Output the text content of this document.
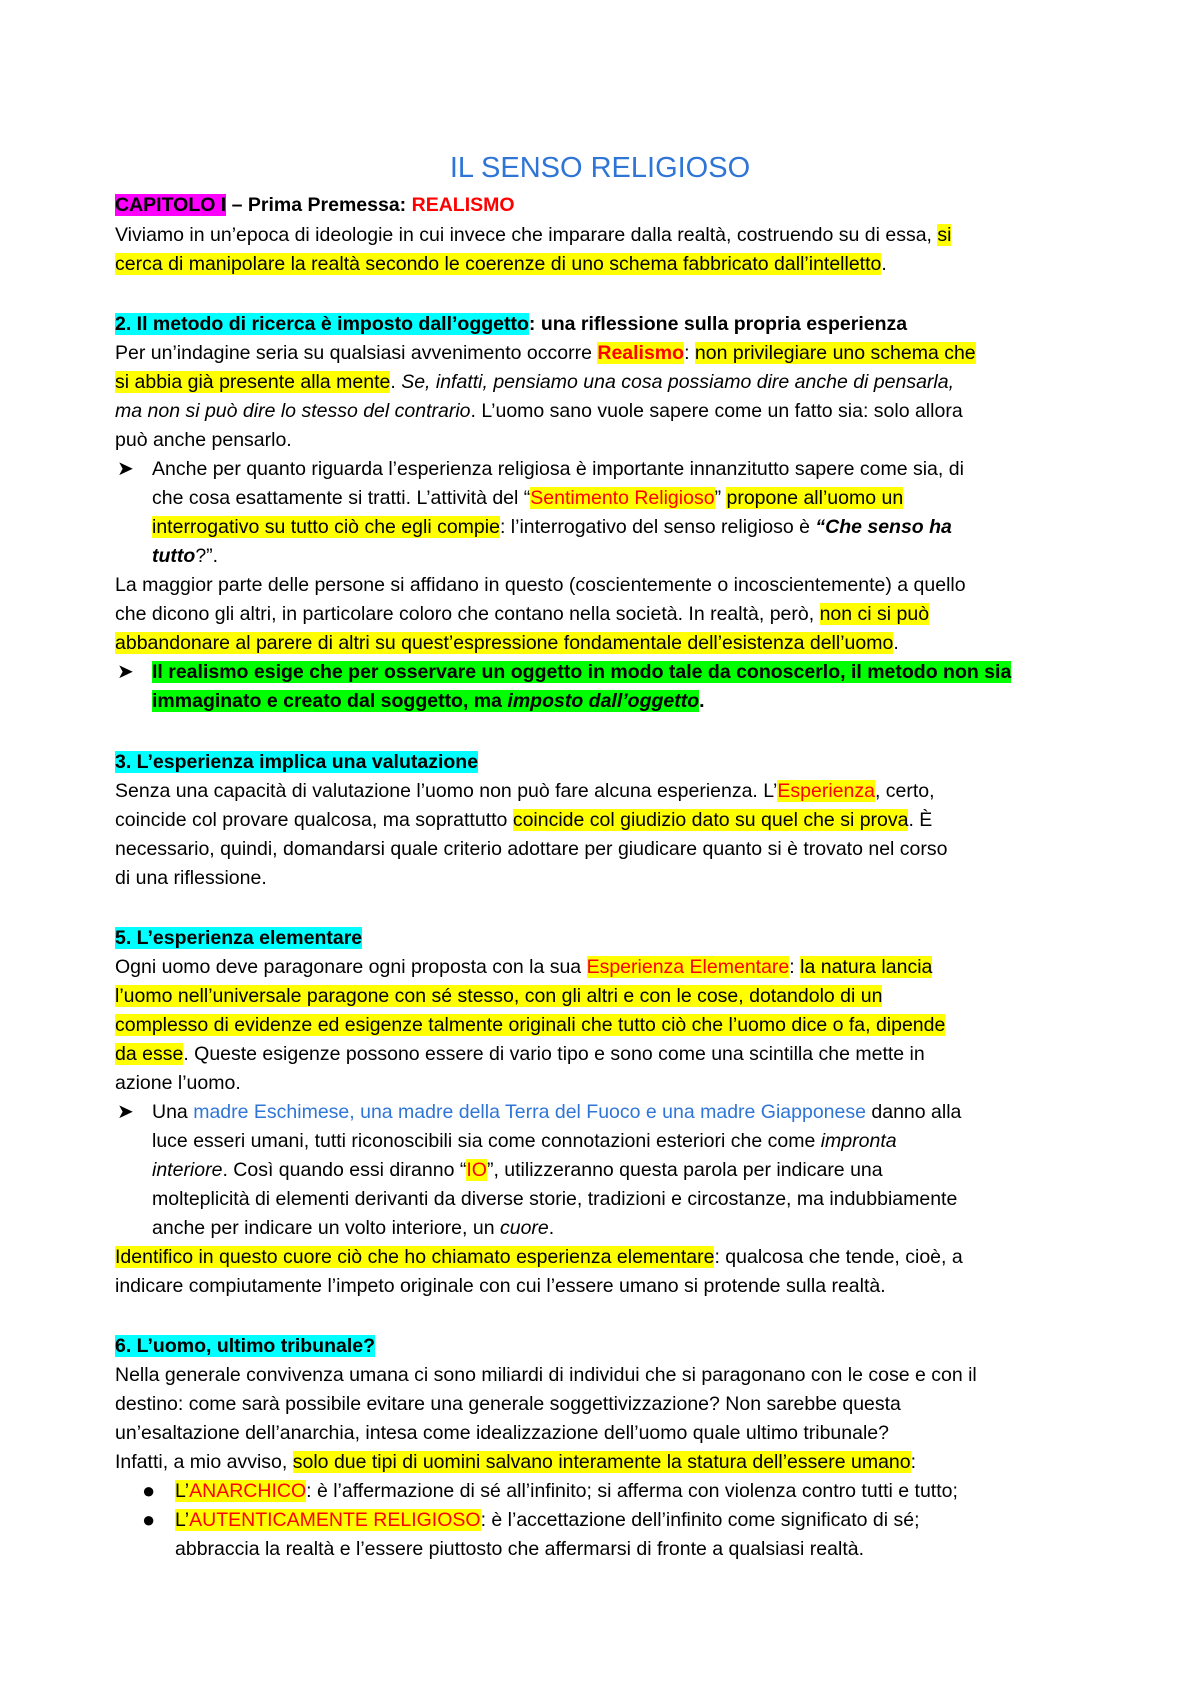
IL SENSO RELIGIOSO
CAPITOLO I – Prima Premessa: REALISMO
Viviamo in un’epoca di ideologie in cui invece che imparare dalla realtà, costruendo su di essa, si
cerca di manipolare la realtà secondo le coerenze di uno schema fabbricato dall’intelletto.
2. Il metodo di ricerca è imposto dall’oggetto: una riflessione sulla propria esperienza
Per un’indagine seria su qualsiasi avvenimento occorre Realismo: non privilegiare uno schema che
si abbia già presente alla mente. Se, infatti, pensiamo una cosa possiamo dire anche di pensarla,
ma non si può dire lo stesso del contrario. L’uomo sano vuole sapere come un fatto sia: solo allora
può anche pensarlo.
➤ Anche per quanto riguarda l’esperienza religiosa è importante innanzitutto sapere come sia, di
che cosa esattamente si tratti. L’attività del “Sentimento Religioso” propone all’uomo un
interrogativo su tutto ciò che egli compie: l’interrogativo del senso religioso è “Che senso ha
tutto?”.
La maggior parte delle persone si affidano in questo (coscientemente o incoscientemente) a quello
che dicono gli altri, in particolare coloro che contano nella società. In realtà, però, non ci si può
abbandonare al parere di altri su quest’espressione fondamentale dell’esistenza dell’uomo.
➤ Il realismo esige che per osservare un oggetto in modo tale da conoscerlo, il metodo non sia
immaginato e creato dal soggetto, ma imposto dall’oggetto.
3. L’esperienza implica una valutazione
Senza una capacità di valutazione l’uomo non può fare alcuna esperienza. L’Esperienza, certo,
coincide col provare qualcosa, ma soprattutto coincide col giudizio dato su quel che si prova. È
necessario, quindi, domandarsi quale criterio adottare per giudicare quanto si è trovato nel corso
di una riflessione.
5. L’esperienza elementare
Ogni uomo deve paragonare ogni proposta con la sua Esperienza Elementare: la natura lancia
l’uomo nell’universale paragone con sé stesso, con gli altri e con le cose, dotandolo di un
complesso di evidenze ed esigenze talmente originali che tutto ciò che l’uomo dice o fa, dipende
da esse. Queste esigenze possono essere di vario tipo e sono come una scintilla che mette in
azione l’uomo.
➤ Una madre Eschimese, una madre della Terra del Fuoco e una madre Giapponese danno alla
luce esseri umani, tutti riconoscibili sia come connotazioni esteriori che come impronta
interiore. Così quando essi diranno “IO”, utilizzeranno questa parola per indicare una
molteplicità di elementi derivanti da diverse storie, tradizioni e circostanze, ma indubbiamente
anche per indicare un volto interiore, un cuore.
Identifico in questo cuore ciò che ho chiamato esperienza elementare: qualcosa che tende, cioè, a
indicare compiutamente l’impeto originale con cui l’essere umano si protende sulla realtà.
6. L’uomo, ultimo tribunale?
Nella generale convivenza umana ci sono miliardi di individui che si paragonano con le cose e con il
destino: come sarà possibile evitare una generale soggettivizzazione? Non sarebbe questa
un’esaltazione dell’anarchia, intesa come idealizzazione dell’uomo quale ultimo tribunale?
Infatti, a mio avviso, solo due tipi di uomini salvano interamente la statura dell’essere umano:
● L’ANARCHICO: è l’affermazione di sé all’infinito; si afferma con violenza contro tutti e tutto;
● L’AUTENTICAMENTE RELIGIOSO: è l’accettazione dell’infinito come significato di sé;
abbraccia la realtà e l’essere piuttosto che affermarsi di fronte a qualsiasi realtà.
